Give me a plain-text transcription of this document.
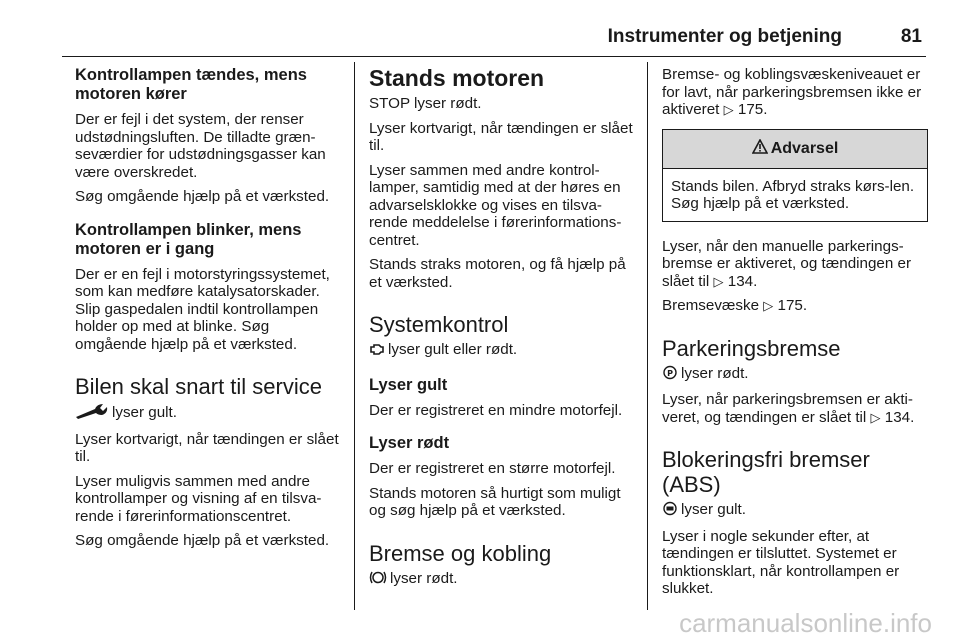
Instrumenter og betjening	81
Kontrollampen tændes, mens motoren kører

Der er fejl i det system, der renser udstødningsluften. De tilladte græn-seværdier for udstødningsgasser kan være overskredet.

Søg omgående hjælp på et værksted.

Kontrollampen blinker, mens motoren er i gang

Der er en fejl i motorstyringssystemet, som kan medføre katalysatorskader. Slip gaspedalen indtil kontrollampen holder op med at blinke. Søg omgående hjælp på et værksted.

Bilen skal snart til service

lyser gult.

Lyser kortvarigt, når tændingen er slået til.

Lyser muligvis sammen med andre kontrollamper og visning af en tilsva-rende i førerinformationscentret.

Søg omgående hjælp på et værksted.

Stands motoren

STOP lyser rødt.

Lyser kortvarigt, når tændingen er slået til.

Lyser sammen med andre kontrol-lamper, samtidig med at der høres en advarselsklokke og vises en tilsva-rende meddelelse i førerinformations-centret.

Stands straks motoren, og få hjælp på et værksted.

Systemkontrol

lyser gult eller rødt.

Lyser gult

Der er registreret en mindre motorfejl.

Lyser rødt

Der er registreret en større motorfejl.

Stands motoren så hurtigt som muligt og søg hjælp på et værksted.

Bremse og kobling

lyser rødt.

Bremse- og koblingsvæskeniveauet er for lavt, når parkeringsbremsen ikke er aktiveret ▷ 175.

Advarsel
Stands bilen. Afbryd straks kørs-len. Søg hjælp på et værksted.

Lyser, når den manuelle parkerings-bremse er aktiveret, og tændingen er slået til ▷ 134.

Bremsevæske ▷ 175.

Parkeringsbremse

P lyser rødt.

Lyser, når parkeringsbremsen er akti-veret, og tændingen er slået til ▷ 134.

Blokeringsfri bremser (ABS)

lyser gult.

Lyser i nogle sekunder efter, at tændingen er tilsluttet. Systemet er funktionsklart, når kontrollampen er slukket.

carmanualsonline.info
